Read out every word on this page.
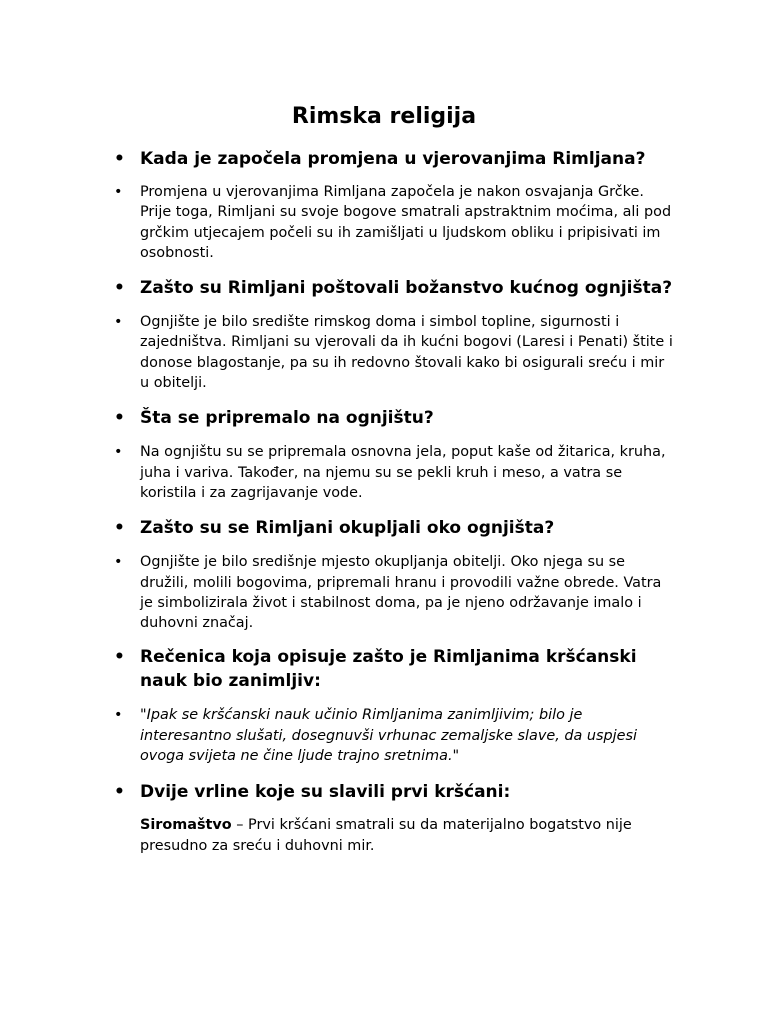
Rimska religija

• Kada je započela promjena u vjerovanjima Rimljana?

• Promjena u vjerovanjima Rimljana započela je nakon osvajanja Grčke. Prije toga, Rimljani su svoje bogove smatrali apstraktnim moćima, ali pod grčkim utjecajem počeli su ih zamišljati u ljudskom obliku i pripisivati im osobnosti.

• Zašto su Rimljani poštovali božanstvo kućnog ognjišta?

• Ognjište je bilo središte rimskog doma i simbol topline, sigurnosti i zajedništva. Rimljani su vjerovali da ih kućni bogovi (Laresi i Penati) štite i donose blagostanje, pa su ih redovno štovali kako bi osigurali sreću i mir u obitelji.

• Šta se pripremalo na ognjištu?

• Na ognjištu su se pripremala osnovna jela, poput kaše od žitarica, kruha, juha i variva. Također, na njemu su se pekli kruh i meso, a vatra se koristila i za zagrijavanje vode.

• Zašto su se Rimljani okupljali oko ognjišta?

• Ognjište je bilo središnje mjesto okupljanja obitelji. Oko njega su se družili, molili bogovima, pripremali hranu i provodili važne obrede. Vatra je simbolizirala život i stabilnost doma, pa je njeno održavanje imalo i duhovni značaj.

• Rečenica koja opisuje zašto je Rimljanima kršćanski nauk bio zanimljiv:

• "Ipak se kršćanski nauk učinio Rimljanima zanimljivim; bilo je interesantno slušati, dosegnuvši vrhunac zemaljske slave, da uspjesi ovoga svijeta ne čine ljude trajno sretnima."

• Dvije vrline koje su slavili prvi kršćani:

Siromaštvo – Prvi kršćani smatrali su da materijalno bogatstvo nije presudno za sreću i duhovni mir.
